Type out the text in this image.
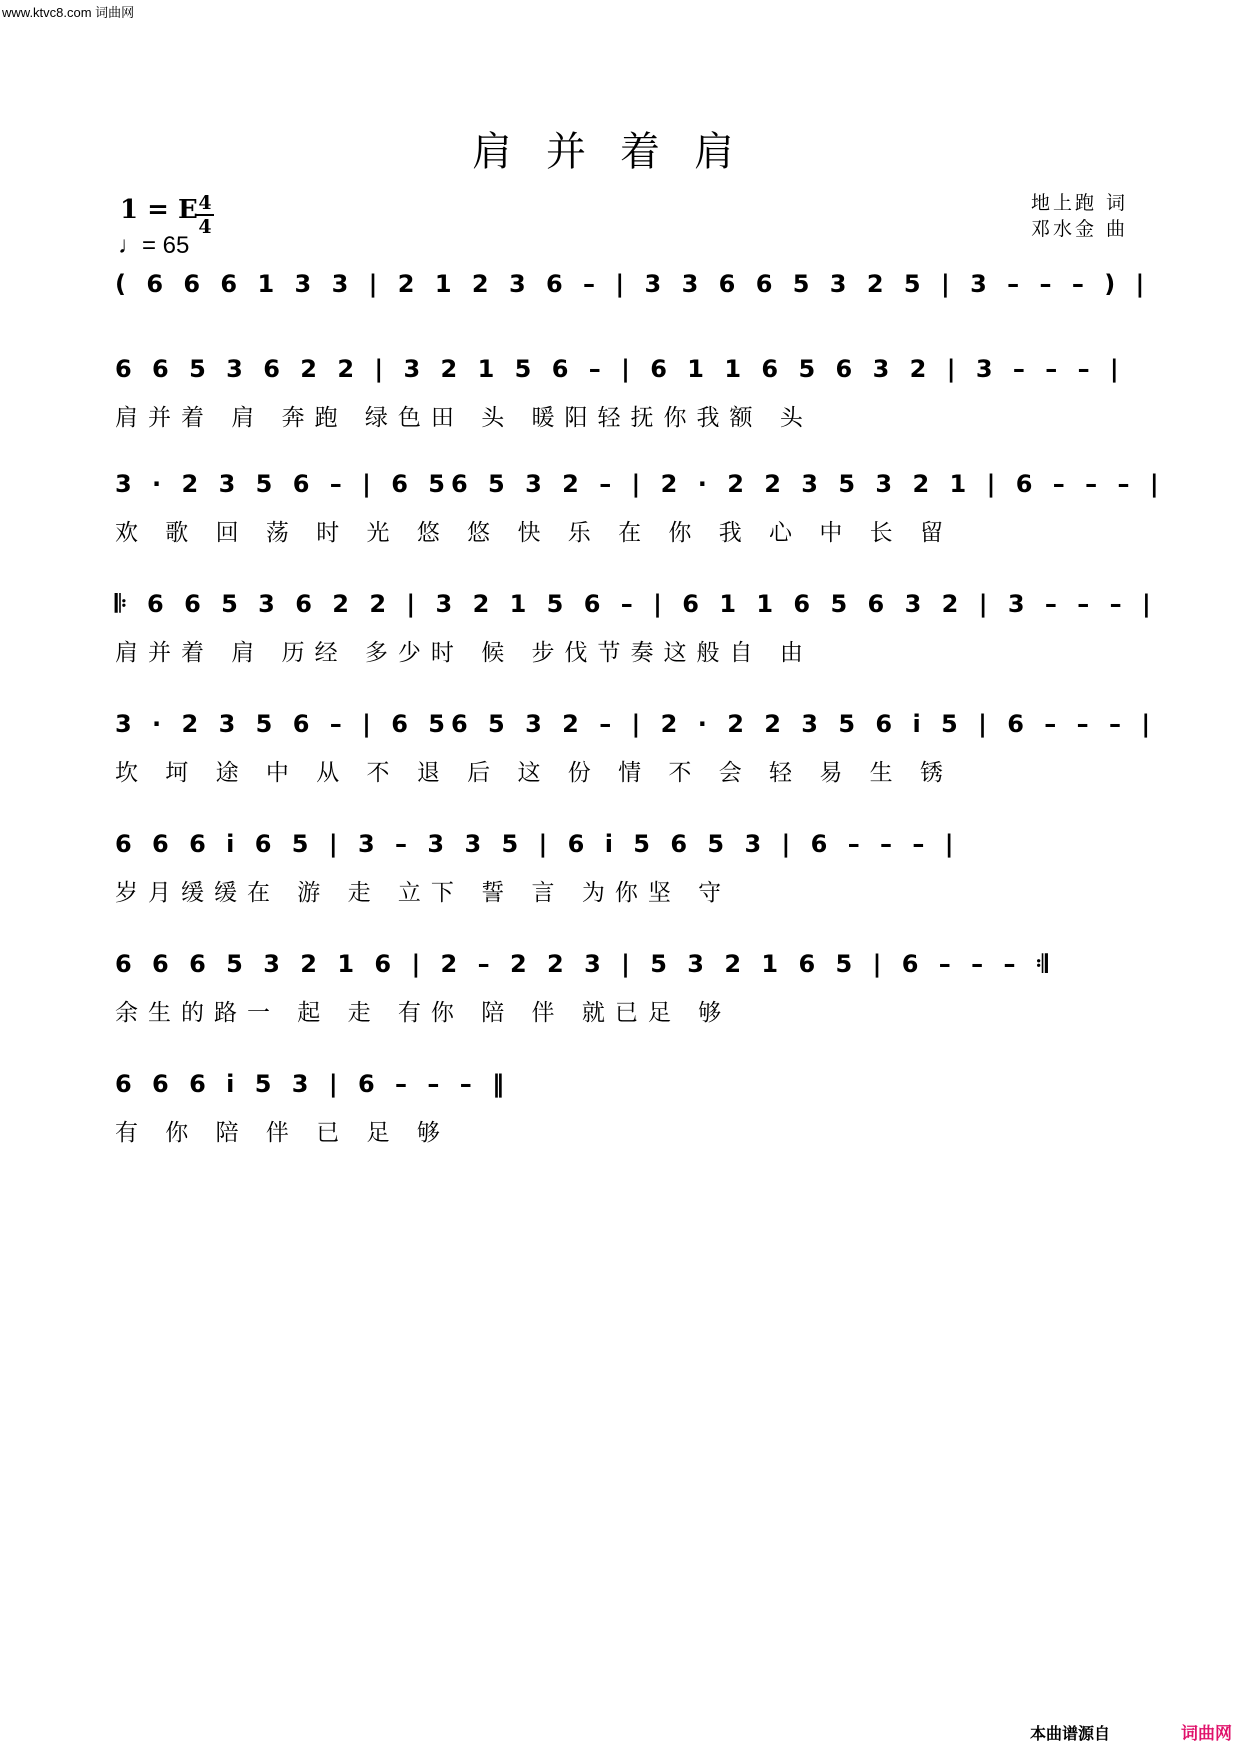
www.ktvc8.com 词曲网
肩并着肩
1 = E 4
4
♩= 65
地上跑 词
邓水金 曲
( 6 6 6 1 3 3 | 2 1 2 3 6 – | 3 3 6 6 5 3 2 5 | 3 – – – ) |
6 6 5 3 6 2 2 | 3 2 1 5 6 – | 6 1 1 6 5 6 3 2 | 3 – – – |
肩并着 肩 奔跑 绿色田 头 暖阳轻抚你我额 头
3 · 2 3 5 6 – | 6 56 5 3 2 – | 2 · 2 2 3 5 3 2 1 | 6 – – – |
欢 歌 回 荡 时 光 悠 悠 快 乐 在 你 我 心 中 长 留
𝄆 6 6 5 3 6 2 2 | 3 2 1 5 6 – | 6 1 1 6 5 6 3 2 | 3 – – – |
肩并着 肩 历经 多少时 候 步伐节奏这般自 由
3 · 2 3 5 6 – | 6 56 5 3 2 – | 2 · 2 2 3 5 6 i 5 | 6 – – – |
坎 坷 途 中 从 不 退 后 这 份 情 不 会 轻 易 生 锈
6 6 6 i 6 5 | 3 – 3 3 5 | 6 i 5 6 5 3 | 6 – – – |
岁月缓缓在 游 走 立下 誓 言 为你坚 守
6 6 6 5 3 2 1 6 | 2 – 2 2 3 | 5 3 2 1 6 5 | 6 – – – 𝄇
余生的路一 起 走 有你 陪 伴 就已足 够
6 6 6 i 5 3 | 6 – – – ‖
有 你 陪 伴 已 足 够
本曲谱源自	词曲网
